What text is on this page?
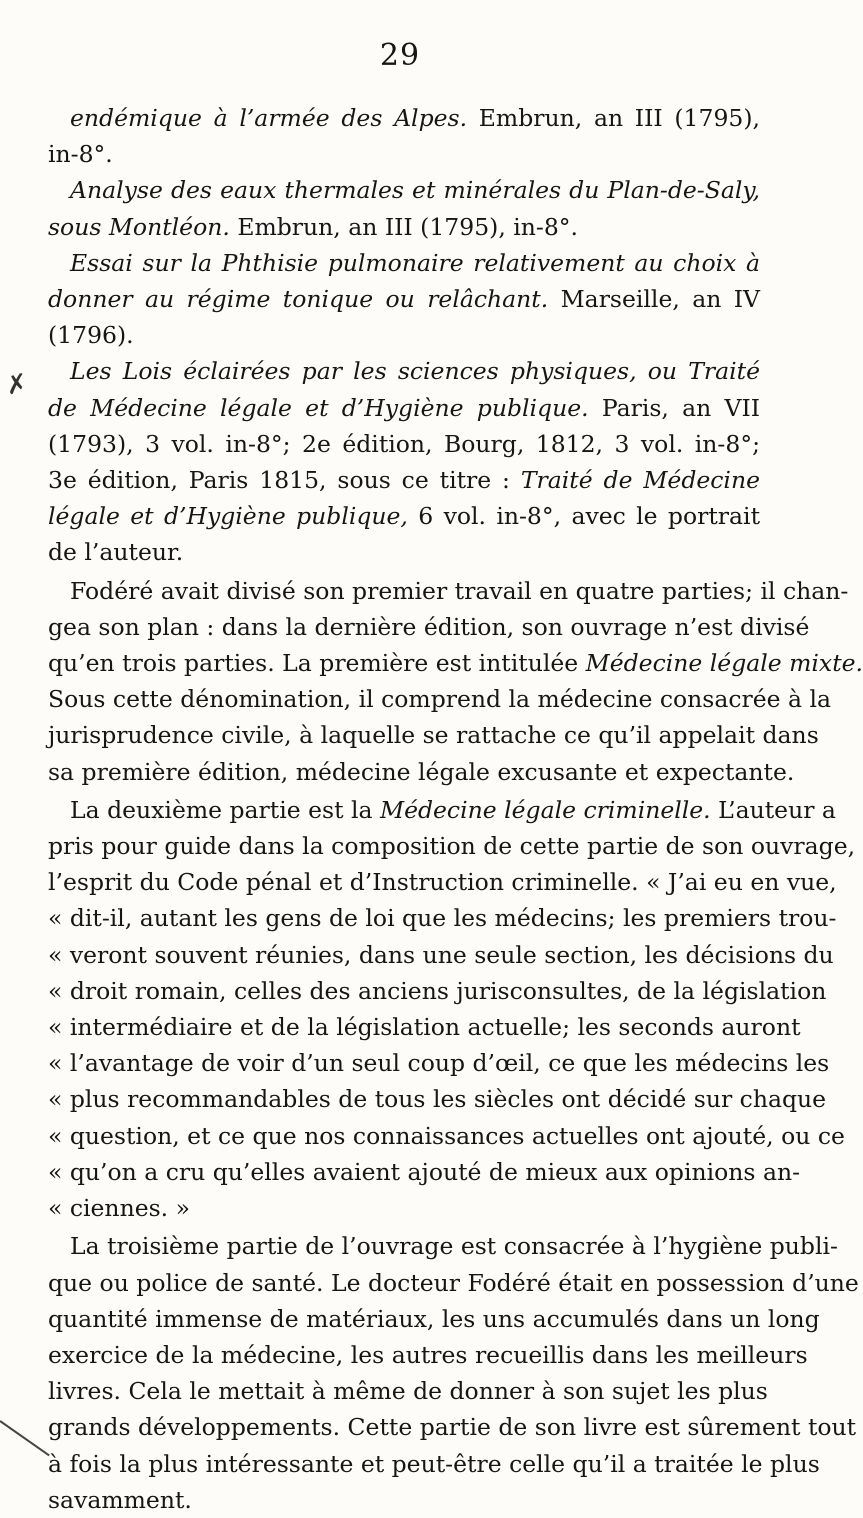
29
✗
endémique à l’armée des Alpes. Embrun, an III (1795),
in-8°.
Analyse des eaux thermales et minérales du Plan-de-Saly,
sous Montléon. Embrun, an III (1795), in-8°.
Essai sur la Phthisie pulmonaire relativement au choix à
donner au régime tonique ou relâchant. Marseille, an IV
(1796).
Les Lois éclairées par les sciences physiques, ou Traité
de Médecine légale et d’Hygiène publique. Paris, an VII
(1793), 3 vol. in-8°; 2e édition, Bourg, 1812, 3 vol. in-8°;
3e édition, Paris 1815, sous ce titre : Traité de Médecine
légale et d’Hygiène publique, 6 vol. in-8°, avec le portrait
de l’auteur.
Fodéré avait divisé son premier travail en quatre parties; il chan-
gea son plan : dans la dernière édition, son ouvrage n’est divisé
qu’en trois parties. La première est intitulée Médecine légale mixte.
Sous cette dénomination, il comprend la médecine consacrée à la
jurisprudence civile, à laquelle se rattache ce qu’il appelait dans
sa première édition, médecine légale excusante et expectante.
La deuxième partie est la Médecine légale criminelle. L’auteur a
pris pour guide dans la composition de cette partie de son ouvrage,
l’esprit du Code pénal et d’Instruction criminelle. « J’ai eu en vue,
« dit-il, autant les gens de loi que les médecins; les premiers trou-
« veront souvent réunies, dans une seule section, les décisions du
« droit romain, celles des anciens jurisconsultes, de la législation
« intermédiaire et de la législation actuelle; les seconds auront
« l’avantage de voir d’un seul coup d’œil, ce que les médecins les
« plus recommandables de tous les siècles ont décidé sur chaque
« question, et ce que nos connaissances actuelles ont ajouté, ou ce
« qu’on a cru qu’elles avaient ajouté de mieux aux opinions an-
« ciennes. »
La troisième partie de l’ouvrage est consacrée à l’hygiène publi-
que ou police de santé. Le docteur Fodéré était en possession d’une
quantité immense de matériaux, les uns accumulés dans un long
exercice de la médecine, les autres recueillis dans les meilleurs
livres. Cela le mettait à même de donner à son sujet les plus
grands développements. Cette partie de son livre est sûrement tout
à fois la plus intéressante et peut-être celle qu’il a traitée le plus
savamment.
